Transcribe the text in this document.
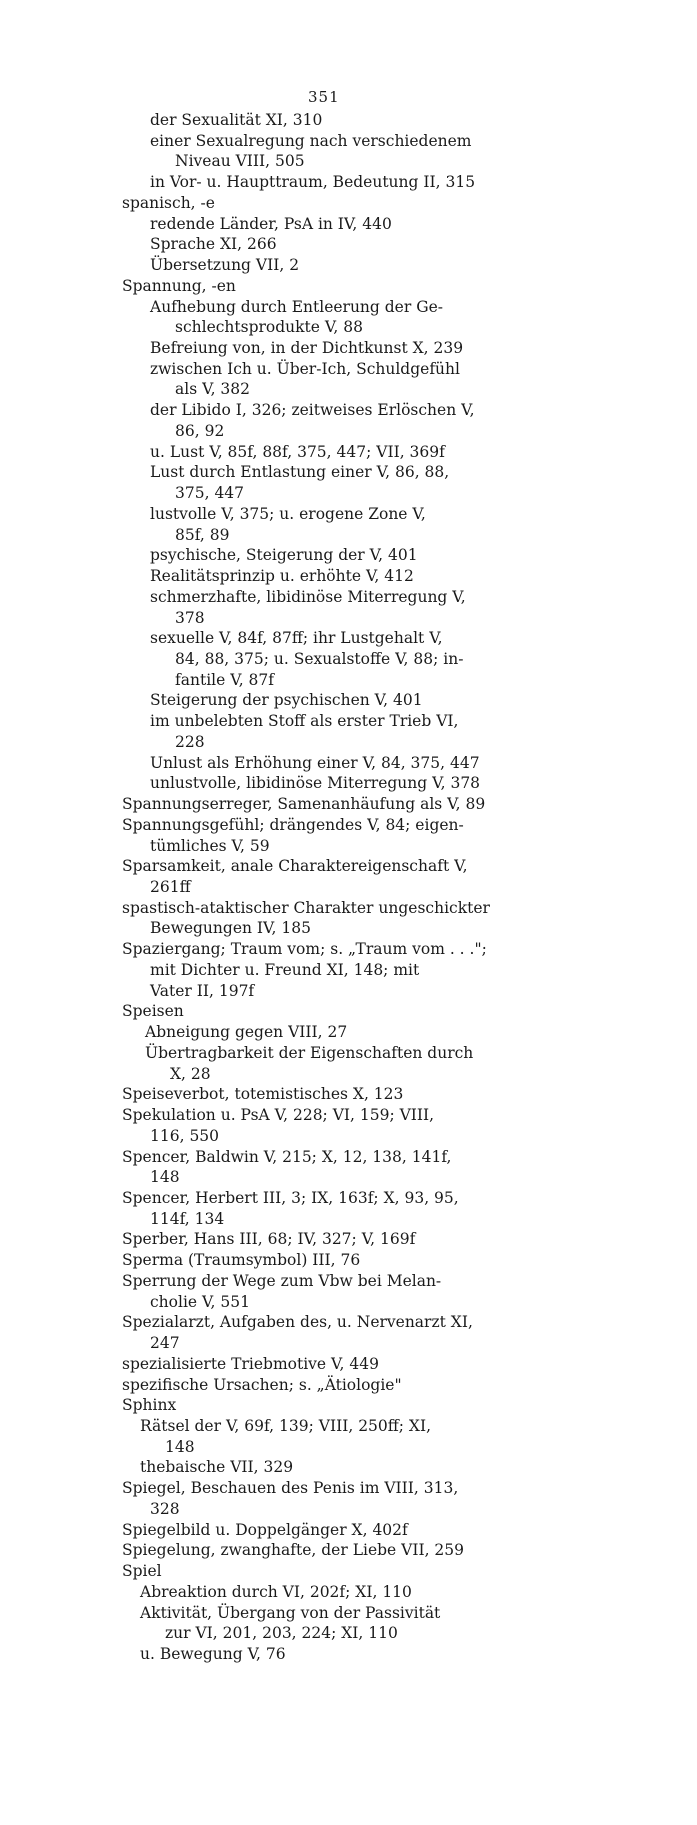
351
der Sexualität XI, 310
einer Sexualregung nach verschiedenem
Niveau VIII, 505
in Vor- u. Haupttraum, Bedeutung II, 315
spanisch, -e
redende Länder, PsA in IV, 440
Sprache XI, 266
Übersetzung VII, 2
Spannung, -en
Aufhebung durch Entleerung der Ge-
schlechtsprodukte V, 88
Befreiung von, in der Dichtkunst X, 239
zwischen Ich u. Über-Ich, Schuldgefühl
als V, 382
der Libido I, 326; zeitweises Erlöschen V,
86, 92
u. Lust V, 85f, 88f, 375, 447; VII, 369f
Lust durch Entlastung einer V, 86, 88,
375, 447
lustvolle V, 375; u. erogene Zone V,
85f, 89
psychische, Steigerung der V, 401
Realitätsprinzip u. erhöhte V, 412
schmerzhafte, libidinöse Miterregung V,
378
sexuelle V, 84f, 87ff; ihr Lustgehalt V,
84, 88, 375; u. Sexualstoffe V, 88; in-
fantile V, 87f
Steigerung der psychischen V, 401
im unbelebten Stoff als erster Trieb VI,
228
Unlust als Erhöhung einer V, 84, 375, 447
unlustvolle, libidinöse Miterregung V, 378
Spannungserreger, Samenanhäufung als V, 89
Spannungsgefühl; drängendes V, 84; eigen-
tümliches V, 59
Sparsamkeit, anale Charaktereigenschaft V,
261ff
spastisch-ataktischer Charakter ungeschickter
Bewegungen IV, 185
Spaziergang; Traum vom; s. „Traum vom . . .";
mit Dichter u. Freund XI, 148; mit
Vater II, 197f
Speisen
Abneigung gegen VIII, 27
Übertragbarkeit der Eigenschaften durch
X, 28
Speiseverbot, totemistisches X, 123
Spekulation u. PsA V, 228; VI, 159; VIII,
116, 550
Spencer, Baldwin V, 215; X, 12, 138, 141f,
148
Spencer, Herbert III, 3; IX, 163f; X, 93, 95,
114f, 134
Sperber, Hans III, 68; IV, 327; V, 169f
Sperma (Traumsymbol) III, 76
Sperrung der Wege zum Vbw bei Melan-
cholie V, 551
Spezialarzt, Aufgaben des, u. Nervenarzt XI,
247
spezialisierte Triebmotive V, 449
spezifische Ursachen; s. „Ätiologie"
Sphinx
Rätsel der V, 69f, 139; VIII, 250ff; XI,
148
thebaische VII, 329
Spiegel, Beschauen des Penis im VIII, 313,
328
Spiegelbild u. Doppelgänger X, 402f
Spiegelung, zwanghafte, der Liebe VII, 259
Spiel
Abreaktion durch VI, 202f; XI, 110
Aktivität, Übergang von der Passivität
zur VI, 201, 203, 224; XI, 110
u. Bewegung V, 76
